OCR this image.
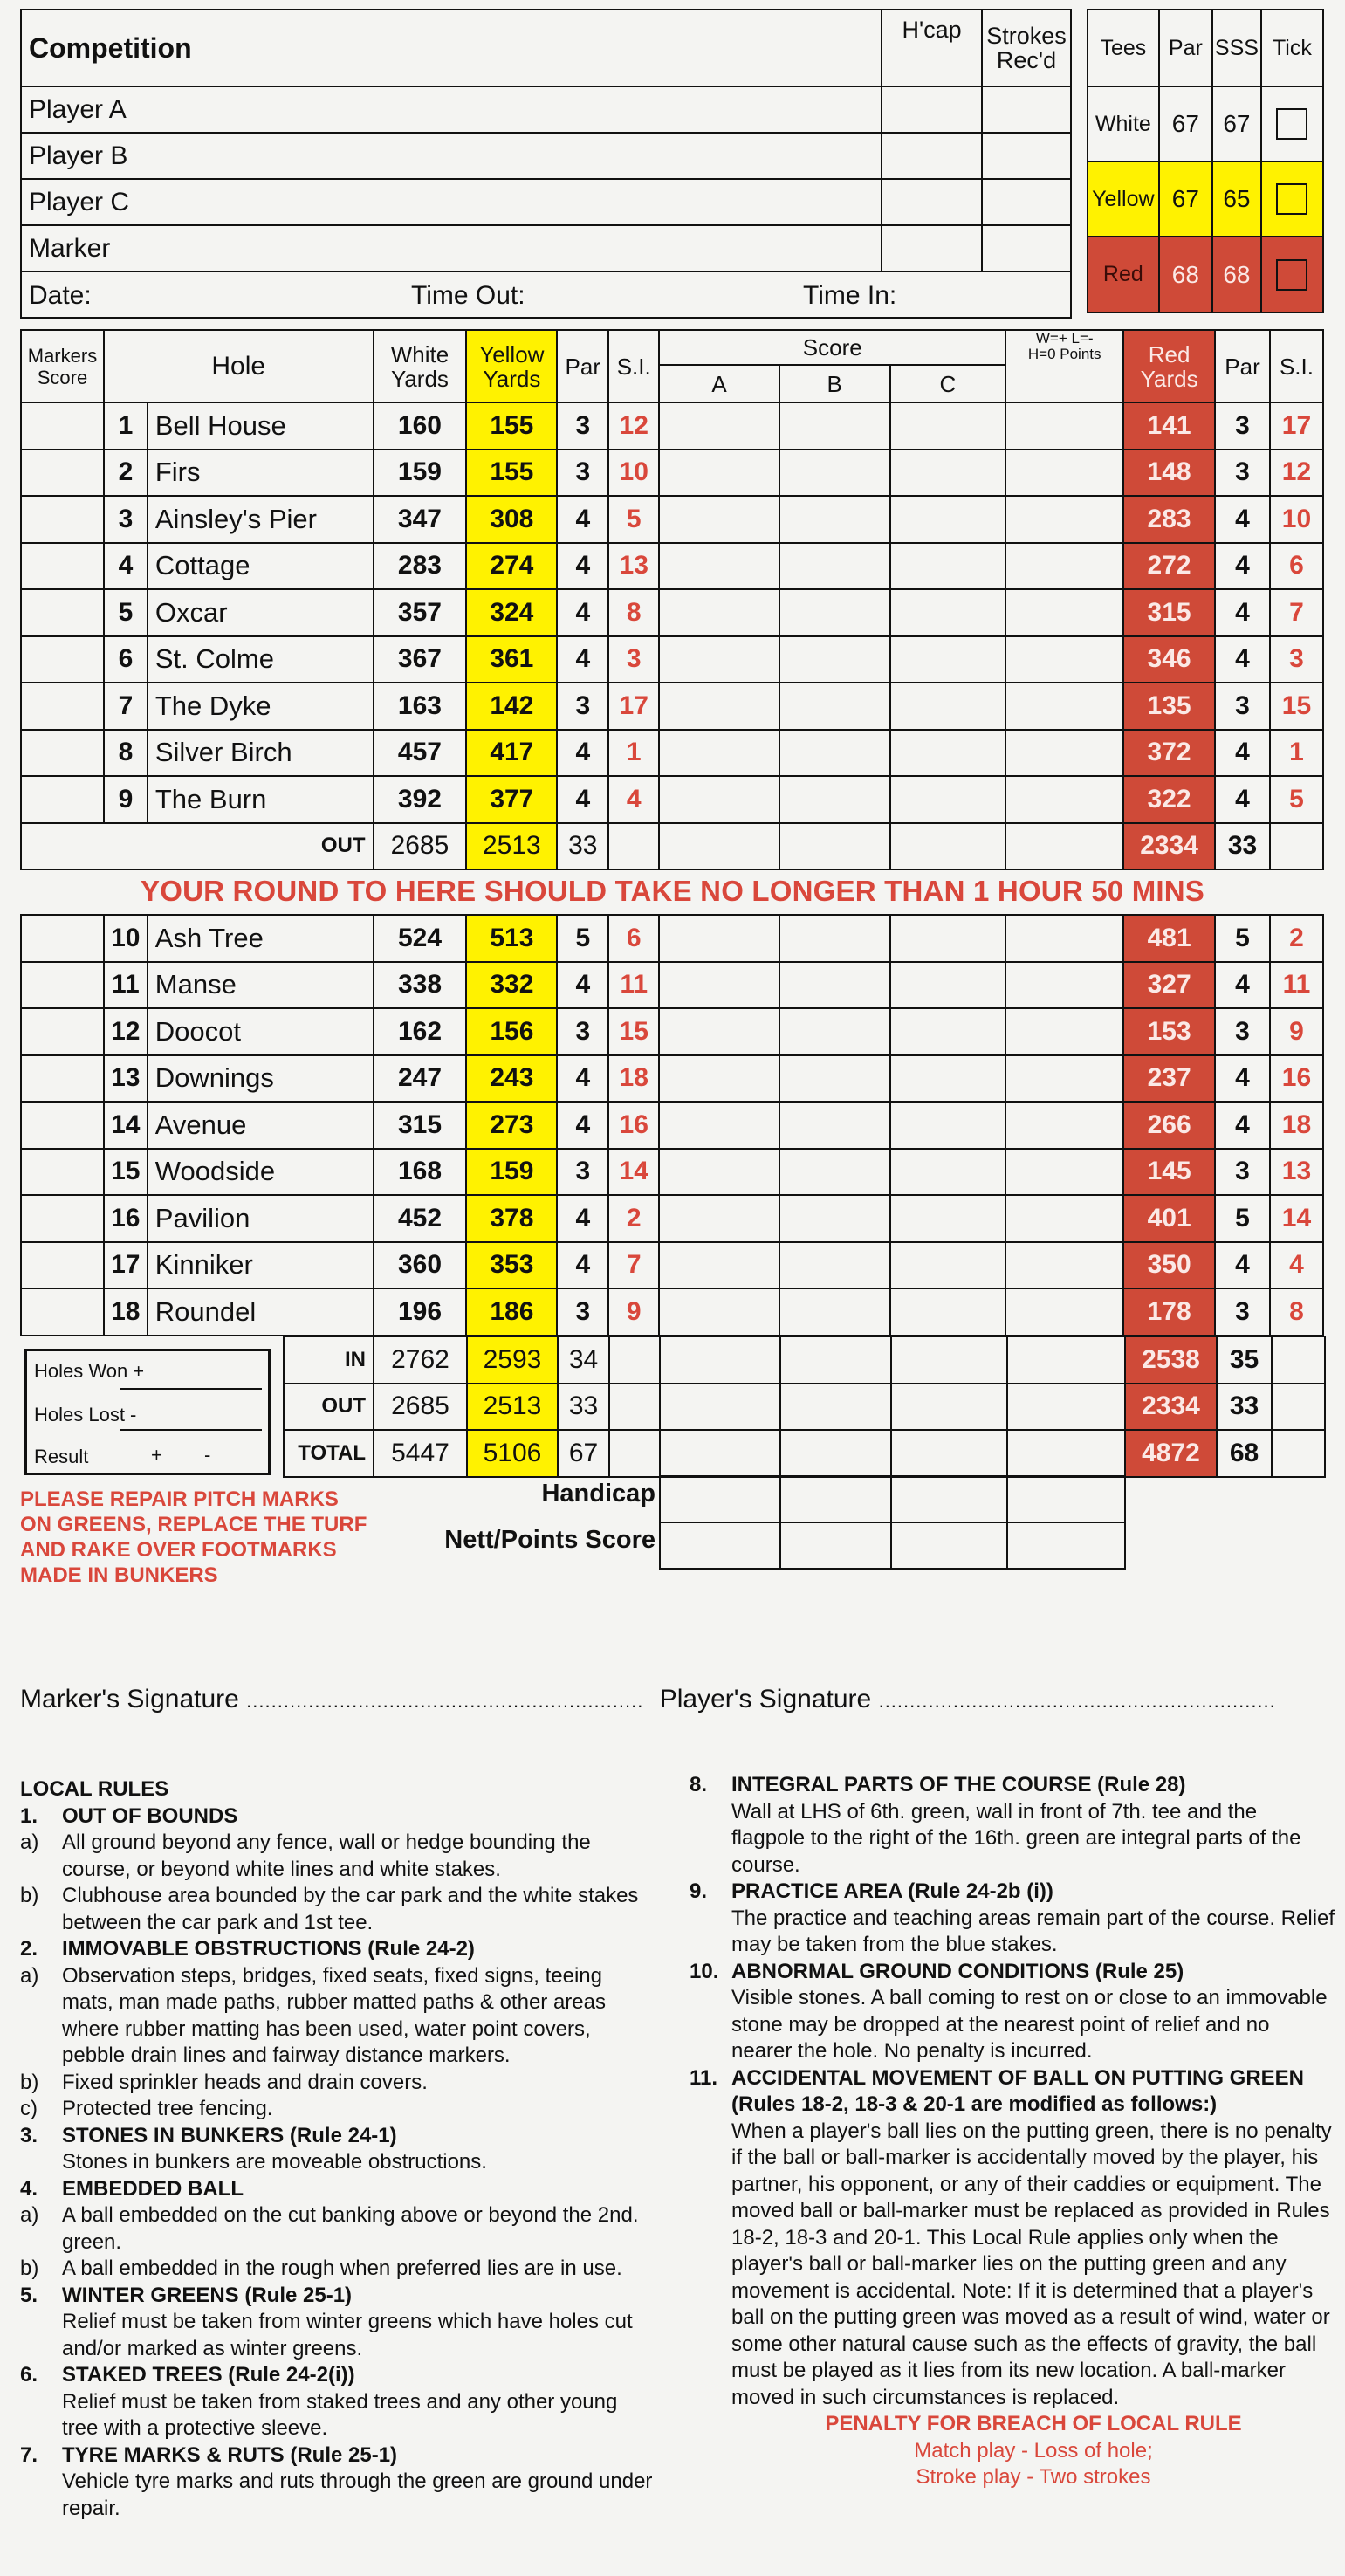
Competition	H'cap	Strokes Rec'd
Player A		
Player B		
Player C		
Marker		

Date: Time Out: Time In:		
Tees	Par	SSS	Tick
White	67	67	
Yellow	67	65	
Red	68	68	
Markers Score	Hole		White Yards	Yellow Yards	Par	S.I.	Score			W=+ L=- H=0 Points	Red Yards	Par	S.I.
							A	B	C				
	1	Bell House	160	155	3	12					141	3	17
	2	Firs	159	155	3	10					148	3	12
	3	Ainsley's Pier	347	308	4	5					283	4	10
	4	Cottage	283	274	4	13					272	4	6
	5	Oxcar	357	324	4	8					315	4	7
	6	St. Colme	367	361	4	3					346	4	3
	7	The Dyke	163	142	3	17					135	3	15
	8	Silver Birch	457	417	4	1					372	4	1
	9	The Burn	392	377	4	4					322	4	5
OUT			2685	2513	33						2334	33	
YOUR ROUND TO HERE SHOULD TAKE NO LONGER THAN 1 HOUR 50 MINS
	10	Ash Tree	524	513	5	6					481	5	2
	11	Manse	338	332	4	11					327	4	11
	12	Doocot	162	156	3	15					153	3	9
	13	Downings	247	243	4	18					237	4	16
	14	Avenue	315	273	4	16					266	4	18
	15	Woodside	168	159	3	14					145	3	13
	16	Pavilion	452	378	4	2					401	5	14
	17	Kinniker	360	353	4	7					350	4	4
	18	Roundel	196	186	3	9					178	3	8
Holes Won +
Holes Lost -
Result	+ -
IN	2762	2593	34						2538	35	
OUT	2685	2513	33						2334	33	
TOTAL	5447	5106	67						4872	68	
Handicap
Nett/Points Score

PLEASE REPAIR PITCH MARKS ON GREENS, REPLACE THE TURF AND RAKE OVER FOOTMARKS MADE IN BUNKERS
Marker's Signature ................................................................ Player's Signature ................................................................
LOCAL RULES
1. OUT OF BOUNDS
a) All ground beyond any fence, wall or hedge bounding the course, or beyond white lines and white stakes.
b) Clubhouse area bounded by the car park and the white stakes between the car park and 1st tee.
2. IMMOVABLE OBSTRUCTIONS (Rule 24-2)
a) Observation steps, bridges, fixed seats, fixed signs, teeing mats, man made paths, rubber matted paths & other areas where rubber matting has been used, water point covers, pebble drain lines and fairway distance markers.
b) Fixed sprinkler heads and drain covers.
c) Protected tree fencing.
3. STONES IN BUNKERS (Rule 24-1)
Stones in bunkers are moveable obstructions.
4. EMBEDDED BALL
a) A ball embedded on the cut banking above or beyond the 2nd. green.
b) A ball embedded in the rough when preferred lies are in use.
5. WINTER GREENS (Rule 25-1)
Relief must be taken from winter greens which have holes cut and/or marked as winter greens.
6. STAKED TREES (Rule 24-2(i))
Relief must be taken from staked trees and any other young tree with a protective sleeve.
7. TYRE MARKS & RUTS (Rule 25-1)
Vehicle tyre marks and ruts through the green are ground under repair.
8. INTEGRAL PARTS OF THE COURSE (Rule 28)
Wall at LHS of 6th. green, wall in front of 7th. tee and the flagpole to the right of the 16th. green are integral parts of the course.
9. PRACTICE AREA (Rule 24-2b (i))
The practice and teaching areas remain part of the course. Relief may be taken from the blue stakes.
10. ABNORMAL GROUND CONDITIONS (Rule 25)
Visible stones. A ball coming to rest on or close to an immovable stone may be dropped at the nearest point of relief and no nearer the hole. No penalty is incurred.
11. ACCIDENTAL MOVEMENT OF BALL ON PUTTING GREEN (Rules 18-2, 18-3 & 20-1 are modified as follows:)
When a player's ball lies on the putting green, there is no penalty if the ball or ball-marker is accidentally moved by the player, his partner, his opponent, or any of their caddies or equipment. The moved ball or ball-marker must be replaced as provided in Rules 18-2, 18-3 and 20-1. This Local Rule applies only when the player's ball or ball-marker lies on the putting green and any movement is accidental. Note: If it is determined that a player's ball on the putting green was moved as a result of wind, water or some other natural cause such as the effects of gravity, the ball must be played as it lies from its new location. A ball-marker moved in such circumstances is replaced.
PENALTY FOR BREACH OF LOCAL RULE
Match play - Loss of hole;
Stroke play - Two strokes
